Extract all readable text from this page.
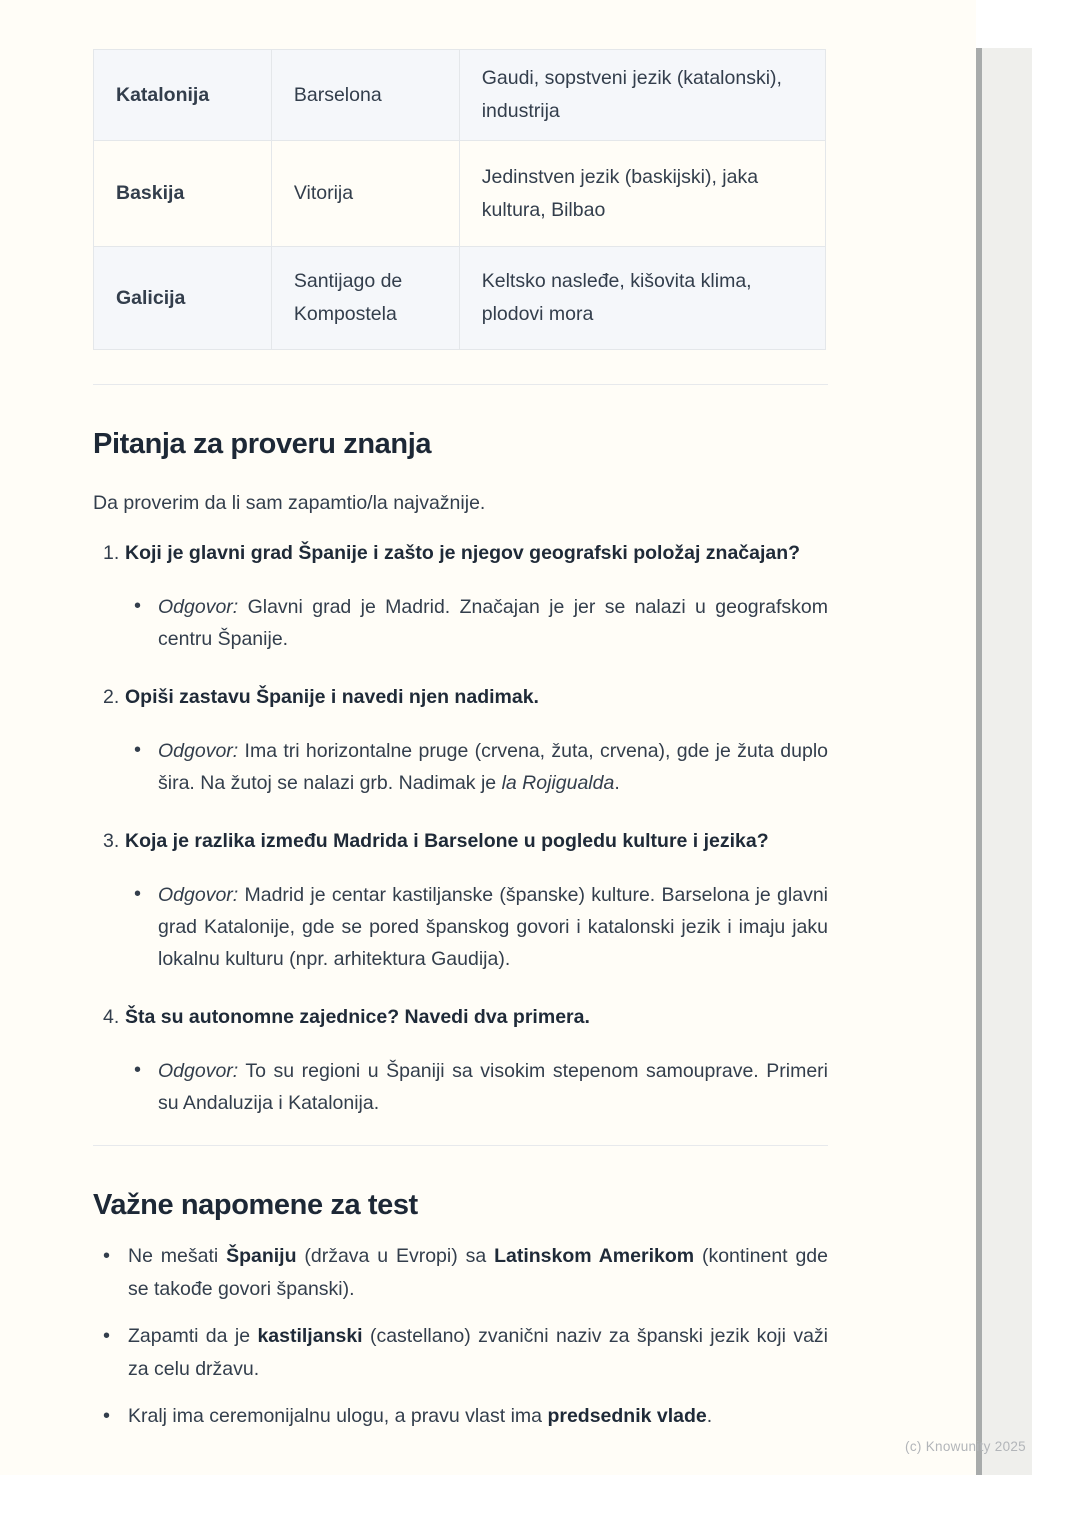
Katalonija	Barselona	Gaudi, sopstveni jezik (katalonski), industrija
Baskija	Vitorija	Jedinstven jezik (baskijski), jaka kultura, Bilbao
Galicija	Santijago de Kompostela	Keltsko nasleđe, kišovita klima, plodovi mora
Pitanja za proveru znanja

Da proverim da li sam zapamtio/la najvažnije.

1. Koji je glavni grad Španije i zašto je njegov geografski položaj značajan?
• Odgovor: Glavni grad je Madrid. Značajan je jer se nalazi u geografskom centru Španije.
2. Opiši zastavu Španije i navedi njen nadimak.
• Odgovor: Ima tri horizontalne pruge (crvena, žuta, crvena), gde je žuta duplo šira. Na žutoj se nalazi grb. Nadimak je la Rojigualda.
3. Koja je razlika između Madrida i Barselone u pogledu kulture i jezika?
• Odgovor: Madrid je centar kastiljanske (španske) kulture. Barselona je glavni grad Katalonije, gde se pored španskog govori i katalonski jezik i imaju jaku lokalnu kulturu (npr. arhitektura Gaudija).
4. Šta su autonomne zajednice? Navedi dva primera.
• Odgovor: To su regioni u Španiji sa visokim stepenom samouprave. Primeri su Andaluzija i Katalonija.
Važne napomene za test
• Ne mešati Španiju (država u Evropi) sa Latinskom Amerikom (kontinent gde se takođe govori španski).
• Zapamti da je kastiljanski (castellano) zvanični naziv za španski jezik koji važi za celu državu.
• Kralj ima ceremonijalnu ulogu, a pravu vlast ima predsednik vlade.
(c) Knowunity 2025
